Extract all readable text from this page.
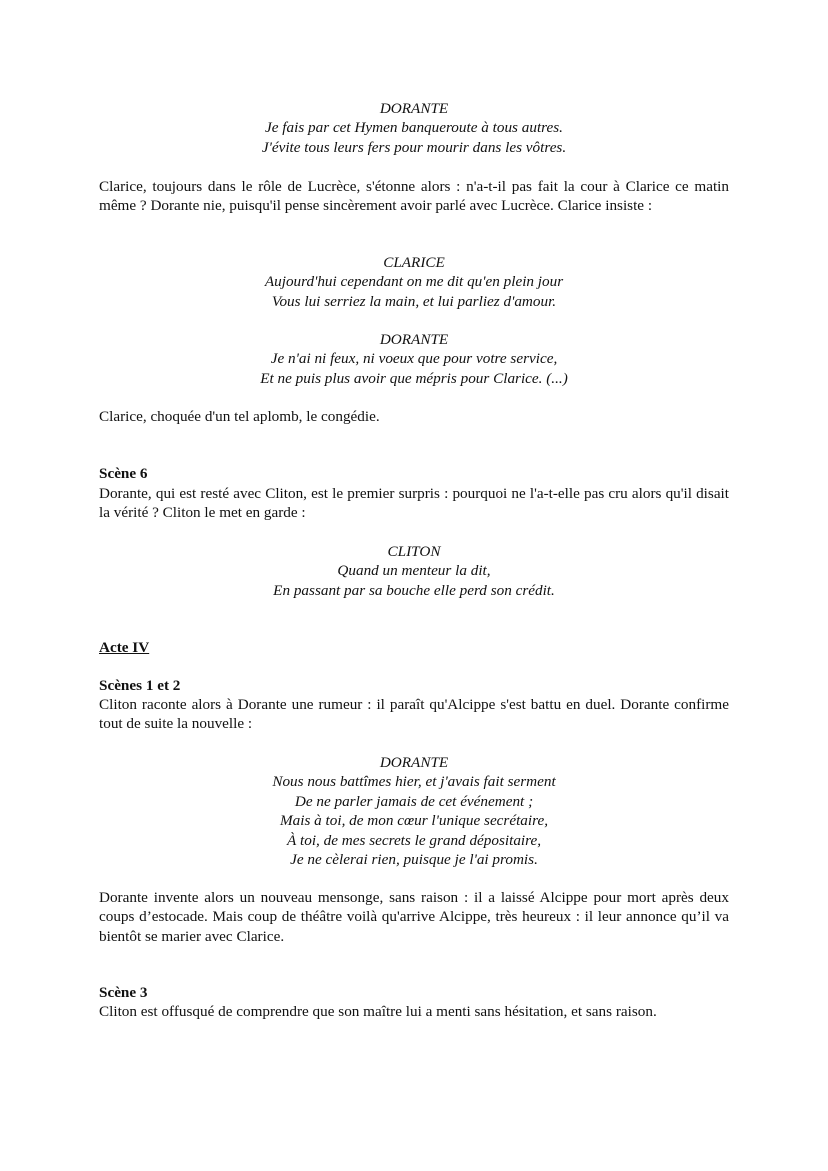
DORANTE
Je fais par cet Hymen banqueroute à tous autres.
J'évite tous leurs fers pour mourir dans les vôtres.
Clarice, toujours dans le rôle de Lucrèce, s'étonne alors : n'a-t-il pas fait la cour à Clarice ce matin même ? Dorante nie, puisqu'il pense sincèrement avoir parlé avec Lucrèce. Clarice insiste :
CLARICE
Aujourd'hui cependant on me dit qu'en plein jour
Vous lui serriez la main, et lui parliez d'amour.
DORANTE
Je n'ai ni feux, ni voeux que pour votre service,
Et ne puis plus avoir que mépris pour Clarice. (...)
Clarice, choquée d'un tel aplomb, le congédie.
Scène 6
Dorante, qui est resté avec Cliton, est le premier surpris : pourquoi ne l'a-t-elle pas cru alors qu'il disait la vérité ? Cliton le met en garde :
CLITON
Quand un menteur la dit,
En passant par sa bouche elle perd son crédit.
Acte IV
Scènes 1 et 2
Cliton raconte alors à Dorante une rumeur : il paraît qu'Alcippe s'est battu en duel. Dorante confirme tout de suite la nouvelle :
DORANTE
Nous nous battîmes hier, et j'avais fait serment
De ne parler jamais de cet événement ;
Mais à toi, de mon cœur l'unique secrétaire,
À toi, de mes secrets le grand dépositaire,
Je ne cèlerai rien, puisque je l'ai promis.
Dorante invente alors un nouveau mensonge, sans raison : il a laissé Alcippe pour mort après deux coups d’estocade. Mais coup de théâtre voilà qu'arrive Alcippe, très heureux : il leur annonce qu’il va bientôt se marier avec Clarice.
Scène 3
Cliton est offusqué de comprendre que son maître lui a menti sans hésitation, et sans raison.
